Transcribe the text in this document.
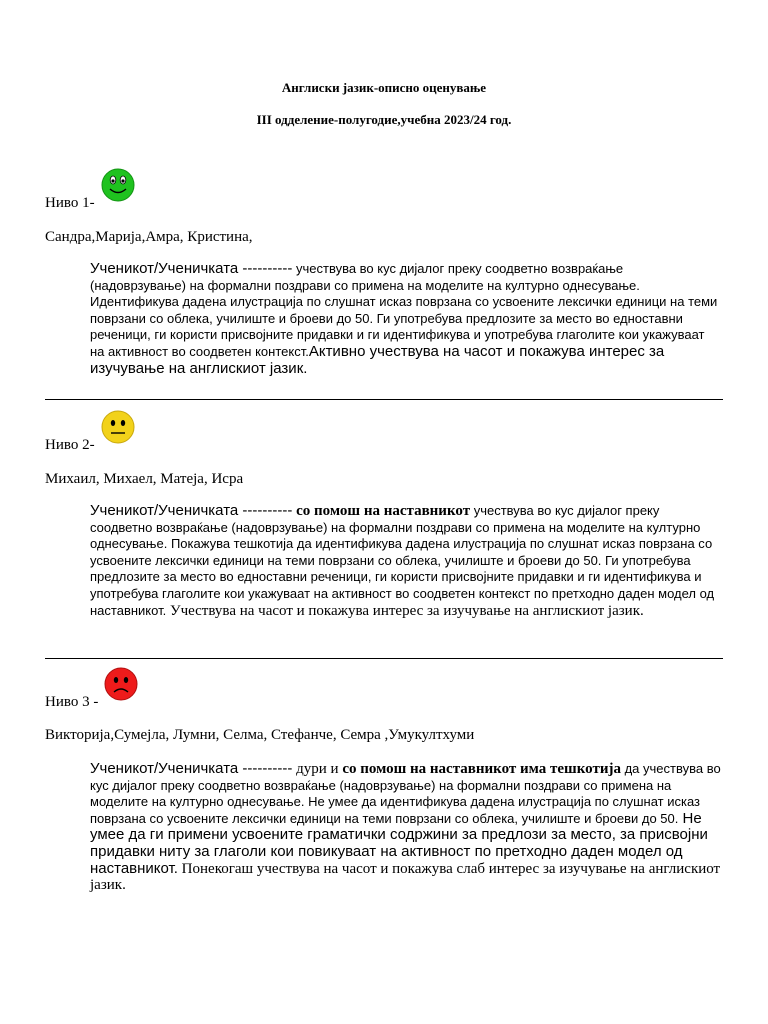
Англиски јазик-описно оценување
III одделение-полугодие,учебна 2023/24 год.
Ниво 1-
Сандра,Марија,Амра, Кристина,
Ученикот/Ученичката ---------- учествува во кус дијалог преку соодветно возвраќање (надоврзување) на формални поздрави со примена на моделите на културно однесување. Идентификува дадена илустрација по слушнат исказ поврзана со усвоените лексички единици на теми поврзани со облека, училиште и броеви до 50. Ги употребува предлозите за место во едноставни реченици, ги користи присвојните придавки и ги идентификува и употребува глаголите кои укажуваат на активност во соодветен контекст.Активно учествува на часот и покажува интерес за изучување на англискиот јазик.
Ниво 2-
Михаил, Михаел, Матеја, Исра
Ученикот/Ученичката ---------- со помош на наставникот учествува во кус дијалог преку соодветно возвраќање (надоврзување) на формални поздрави со примена на моделите на културно однесување. Покажува тешкотија да идентификува дадена илустрација по слушнат исказ поврзана со усвоените лексички единици на теми поврзани со облека, училиште и броеви до 50. Ги употребува предлозите за место во едноставни реченици, ги користи присвојните придавки и ги идентификува и употребува глаголите кои укажуваат на активност во соодветен контекст по претходно даден модел од наставникот. Учествува на часот и покажува интерес за изучување на англискиот јазик.
Ниво 3 -
Викторија,Сумејла, Лумни, Селма, Стефанче, Семра ,Умукултхуми
Ученикот/Ученичката ---------- дури и со помош на наставникот има тешкотија да учествува во кус дијалог преку соодветно возвраќање (надоврзување) на формални поздрави со примена на моделите на културно однесување. Не умее да идентификува дадена илустрација по слушнат исказ поврзана со усвоените лексички единици на теми поврзани со облека, училиште и броеви до 50. Не умее да ги примени усвоените граматички содржини за предлози за место, за присвојни придавки ниту за глаголи кои повикуваат на активност по претходно даден модел од наставникот. Понекогаш учествува на часот и покажува слаб интерес за изучување на англискиот јазик.
